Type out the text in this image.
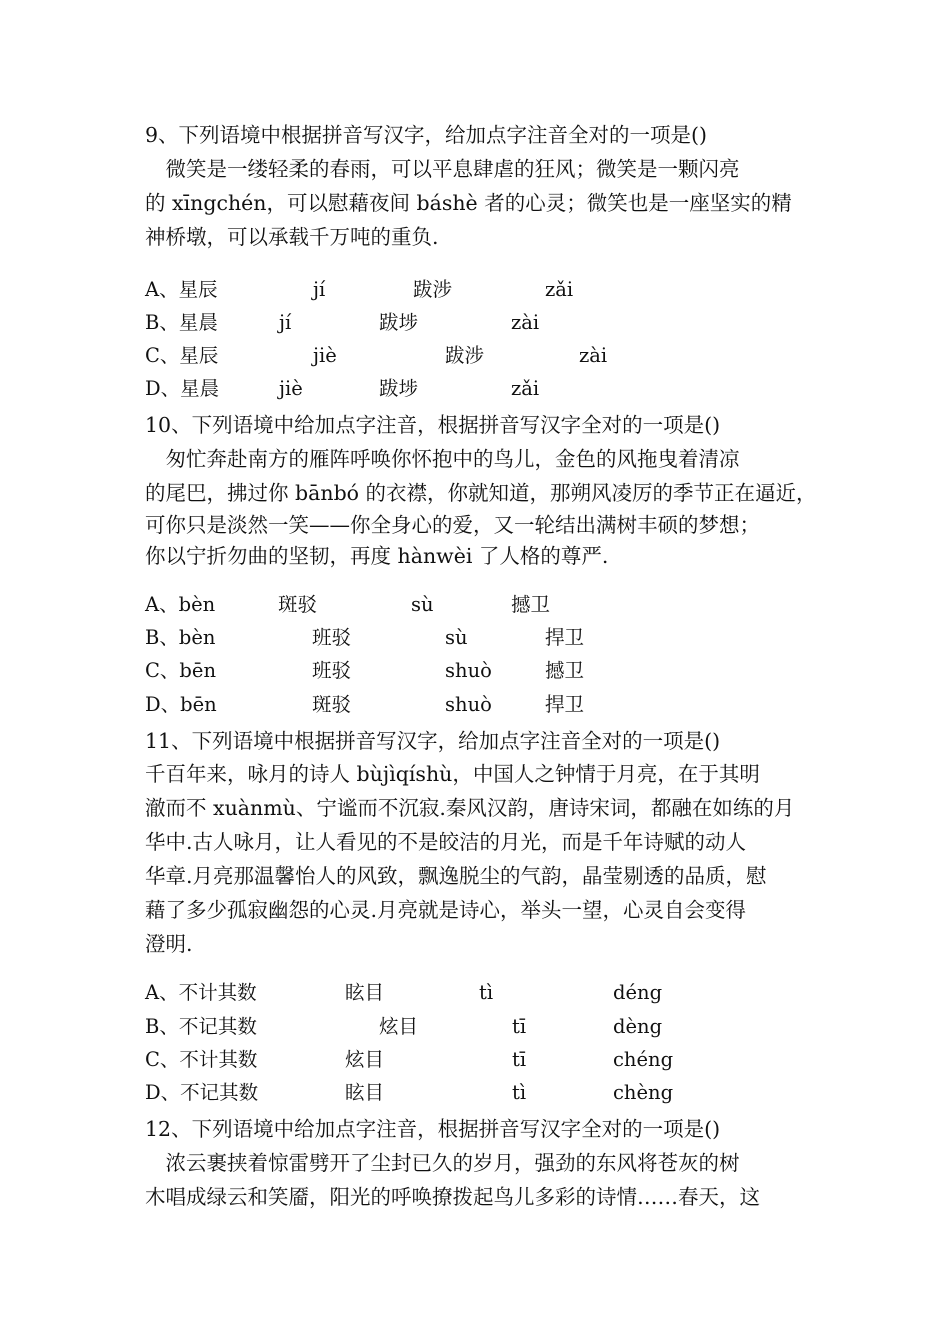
9、下列语境中根据拼音写汉字，给加点字注音全对的一项是()
　微笑是一缕轻柔的春雨，可以平息肆虐的狂风；微笑是一颗闪亮
的 xīngchén，可以慰藉夜间 báshè 者的心灵；微笑也是一座坚实的精
神桥墩，可以承载千万吨的重负.
A、星辰	jí	跋涉	zǎi
B、星晨	jí	跋埗	zài
C、星辰	jiè	跋涉	zài
D、星晨	jiè	跋埗	zǎi
10、下列语境中给加点字注音，根据拼音写汉字全对的一项是()
　匆忙奔赴南方的雁阵呼唤你怀抱中的鸟儿，金色的风拖曳着清凉
的尾巴，拂过你 bānbó 的衣襟，你就知道，那朔风凌厉的季节正在逼近，
可你只是淡然一笑——你全身心的爱，又一轮结出满树丰硕的梦想；
你以宁折勿曲的坚韧，再度 hànwèi 了人格的尊严.
A、bèn	斑驳	sù	撼卫
B、bèn	班驳	sù	捍卫
C、bēn	班驳	shuò	撼卫
D、bēn	斑驳	shuò	捍卫
11、下列语境中根据拼音写汉字，给加点字注音全对的一项是()
千百年来，咏月的诗人 bùjìqíshù，中国人之钟情于月亮，在于其明
澈而不 xuànmù、宁谧而不沉寂.秦风汉韵，唐诗宋词，都融在如练的月
华中.古人咏月，让人看见的不是皎洁的月光，而是千年诗赋的动人
华章.月亮那温馨怡人的风致，飘逸脱尘的气韵，晶莹剔透的品质，慰
藉了多少孤寂幽怨的心灵.月亮就是诗心，举头一望，心灵自会变得
澄明.
A、不计其数	眩目	tì	déng
B、不记其数	炫目	tī	dèng
C、不计其数	炫目	tī	chéng
D、不记其数	眩目	tì	chèng
12、下列语境中给加点字注音，根据拼音写汉字全对的一项是()
　浓云裹挟着惊雷劈开了尘封已久的岁月，强劲的东风将苍灰的树
木唱成绿云和笑靥，阳光的呼唤撩拨起鸟儿多彩的诗情……春天，这
